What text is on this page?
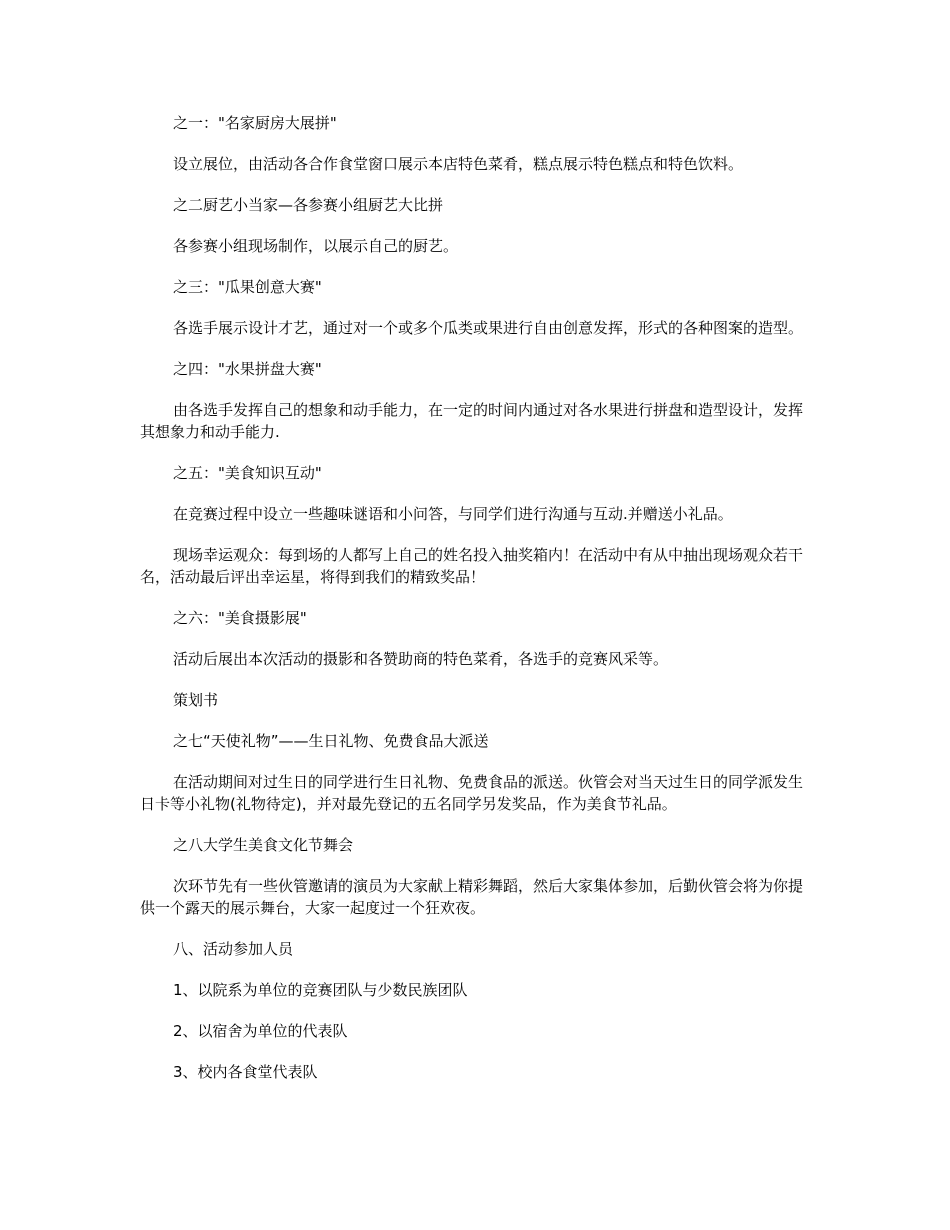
之一："名家厨房大展拼"

设立展位，由活动各合作食堂窗口展示本店特色菜肴，糕点展示特色糕点和特色饮料。

之二厨艺小当家—各参赛小组厨艺大比拼

各参赛小组现场制作，以展示自己的厨艺。

之三："瓜果创意大赛"

各选手展示设计才艺，通过对一个或多个瓜类或果进行自由创意发挥，形式的各种图案的造型。

之四："水果拼盘大赛"

由各选手发挥自己的想象和动手能力，在一定的时间内通过对各水果进行拼盘和造型设计，发挥其想象力和动手能力.

之五："美食知识互动"

在竞赛过程中设立一些趣味谜语和小问答，与同学们进行沟通与互动.并赠送小礼品。

现场幸运观众：每到场的人都写上自己的姓名投入抽奖箱内！在活动中有从中抽出现场观众若干名，活动最后评出幸运星，将得到我们的精致奖品！

之六："美食摄影展"

活动后展出本次活动的摄影和各赞助商的特色菜肴，各选手的竞赛风采等。

策划书

之七“天使礼物”——生日礼物、免费食品大派送

在活动期间对过生日的同学进行生日礼物、免费食品的派送。伙管会对当天过生日的同学派发生日卡等小礼物(礼物待定)，并对最先登记的五名同学另发奖品，作为美食节礼品。

之八大学生美食文化节舞会

次环节先有一些伙管邀请的演员为大家献上精彩舞蹈，然后大家集体参加，后勤伙管会将为你提供一个露天的展示舞台，大家一起度过一个狂欢夜。

八、活动参加人员

1、以院系为单位的竞赛团队与少数民族团队

2、以宿舍为单位的代表队

3、校内各食堂代表队
